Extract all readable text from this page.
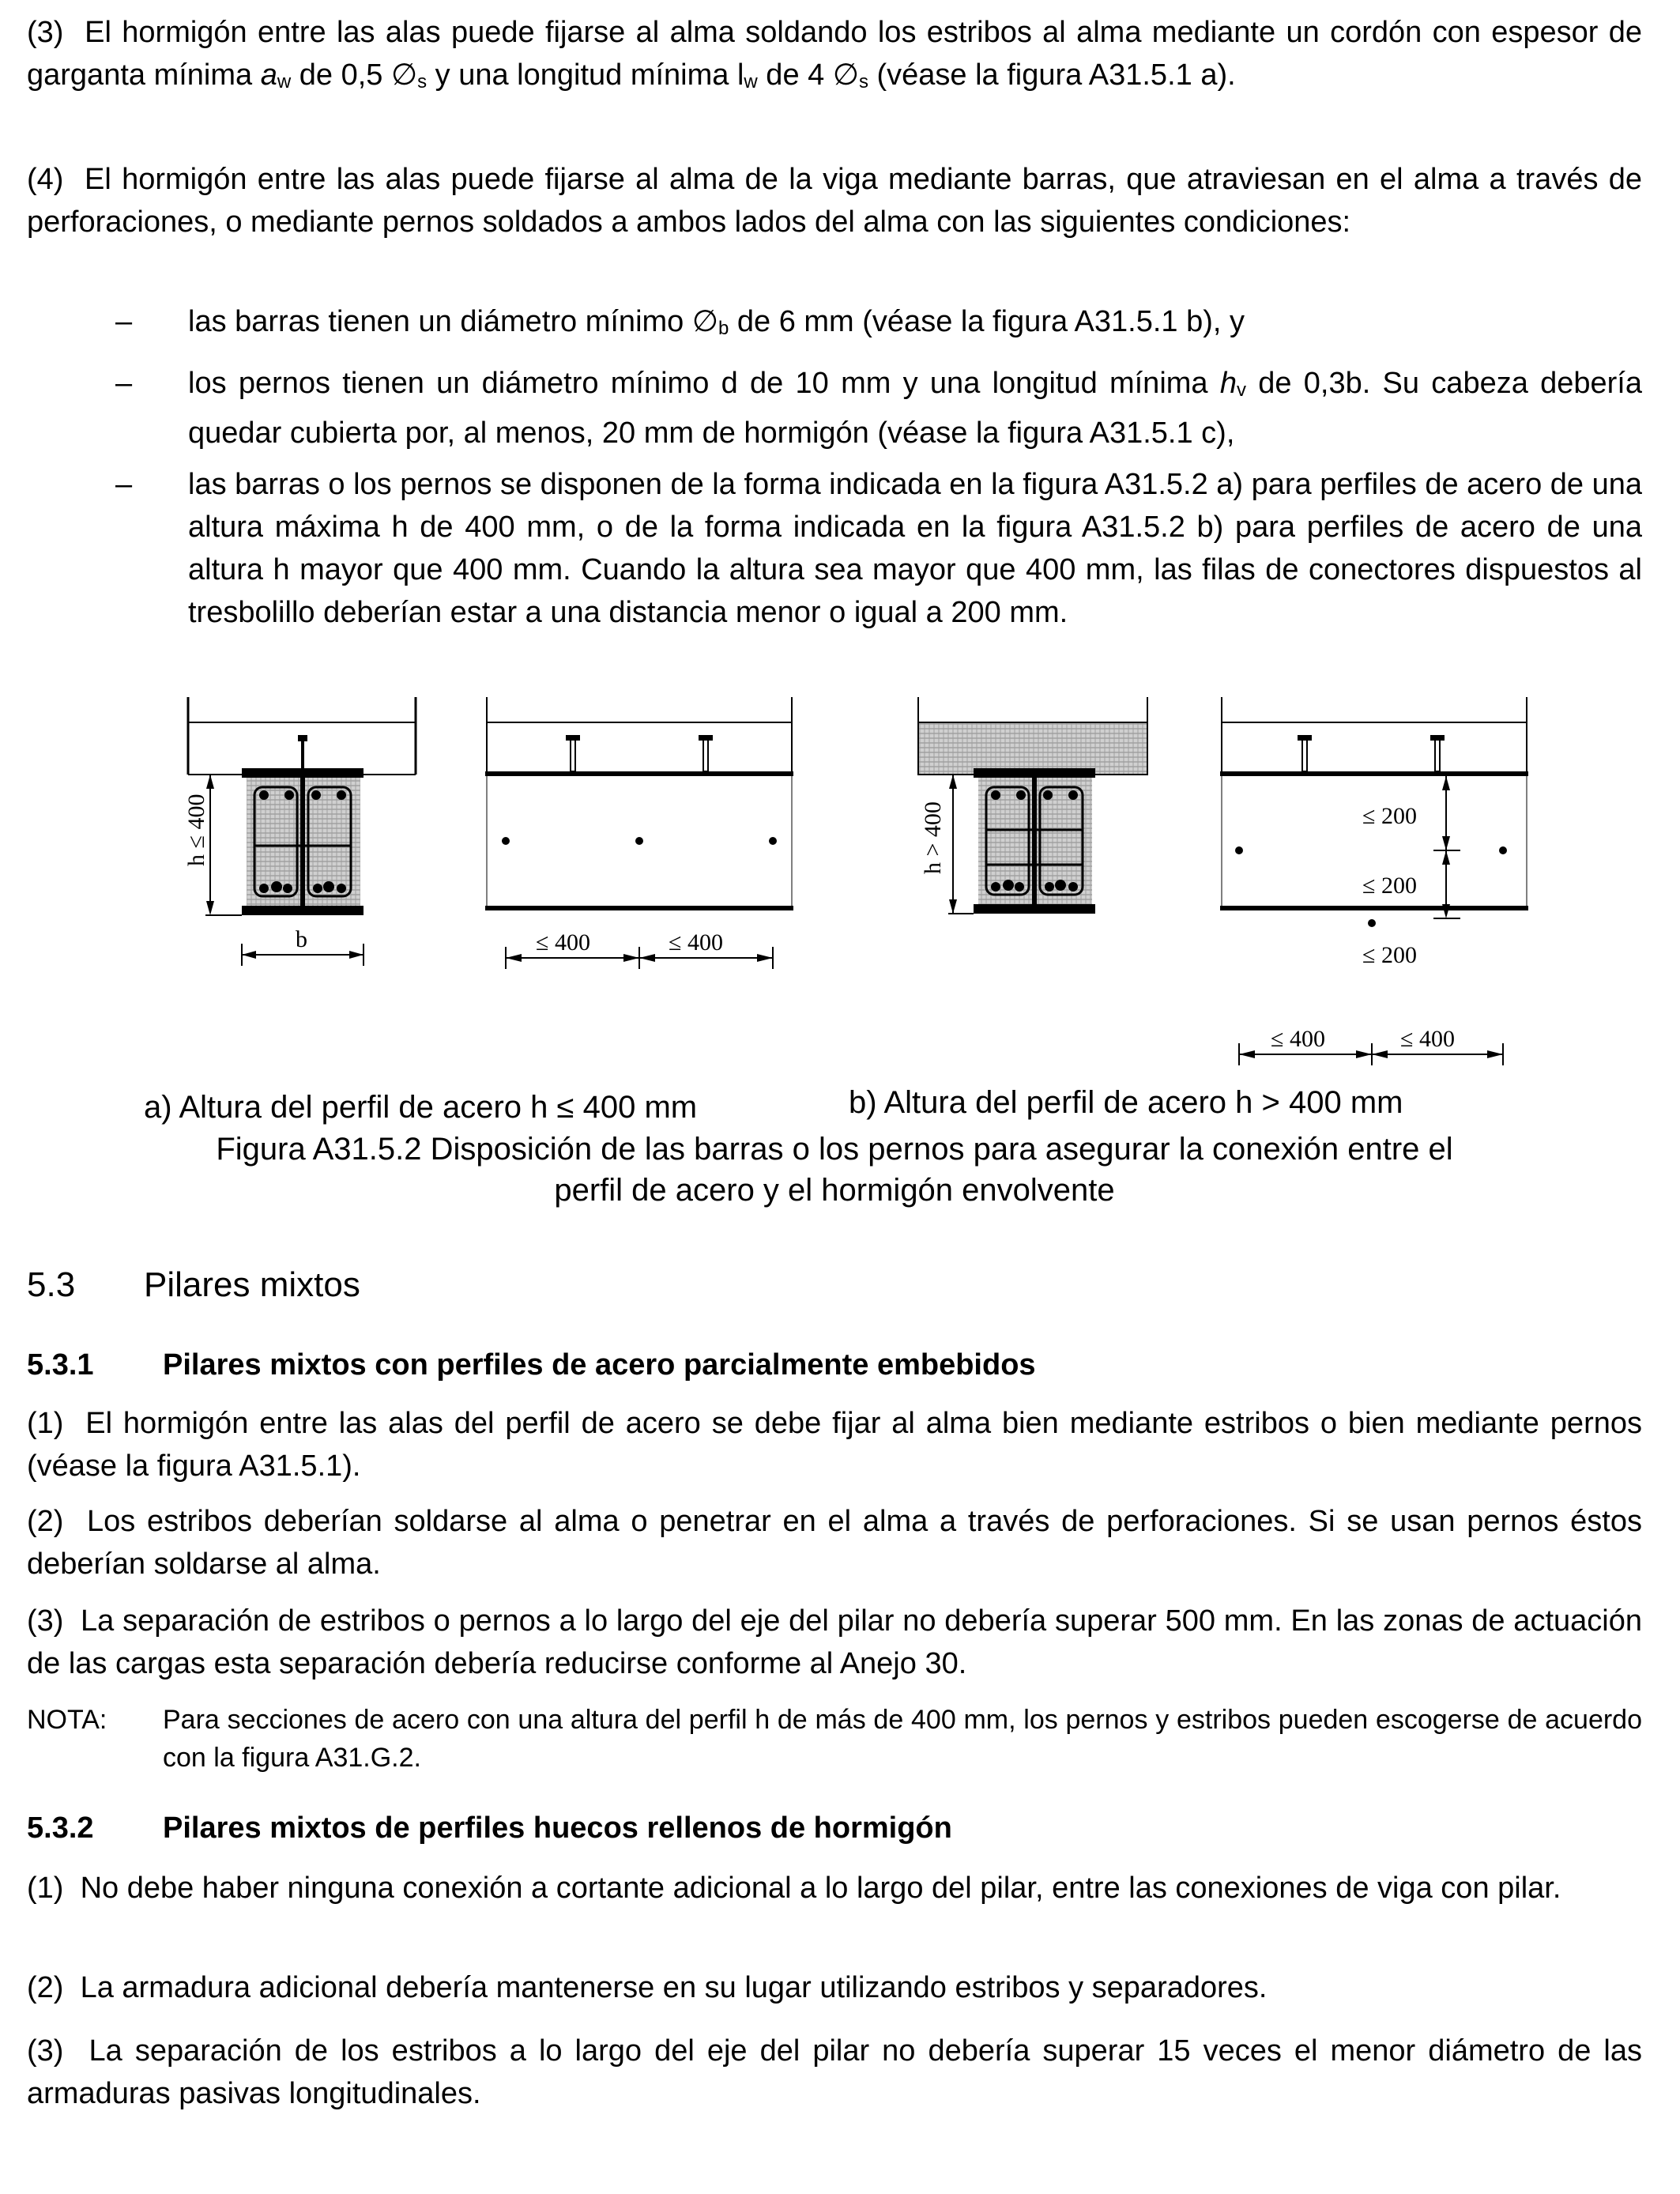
(3) El hormigón entre las alas puede fijarse al alma soldando los estribos al alma mediante un cordón con espesor de garganta mínima $a_w$ de 0,5 $\emptyset_s$ y una longitud mínima $l_w$ de 4 $\emptyset_s$ (véase la figura A31.5.1 a).

(4) El hormigón entre las alas puede fijarse al alma de la viga mediante barras, que atraviesan en el alma a través de perforaciones, o mediante pernos soldados a ambos lados del alma con las siguientes condiciones:

–	las barras tienen un diámetro mínimo $\emptyset_b$ de 6 mm (véase la figura A31.5.1 b), y
–	los pernos tienen un diámetro mínimo d de 10 mm y una longitud mínima $h_v$ de 0,3b. Su cabeza debería quedar cubierta por, al menos, 20 mm de hormigón (véase la figura A31.5.1 c),
–	las barras o los pernos se disponen de la forma indicada en la figura A31.5.2 a) para perfiles de acero de una altura máxima h de 400 mm, o de la forma indicada en la figura A31.5.2 b) para perfiles de acero de una altura h mayor que 400 mm. Cuando la altura sea mayor que 400 mm, las filas de conectores dispuestos al tresbolillo deberían estar a una distancia menor o igual a 200 mm.
h ≤ 400
b	≤ 400	≤ 400
h > 400	≤ 200
≤ 200
≤ 200
≤ 400	≤ 400
a) Altura del perfil de acero h ≤ 400 mm	b) Altura del perfil de acero h > 400 mm
Figura A31.5.2 Disposición de las barras o los pernos para asegurar la conexión entre el
perfil de acero y el hormigón envolvente
5.3 Pilares mixtos
5.3.1 Pilares mixtos con perfiles de acero parcialmente embebidos

(1) El hormigón entre las alas del perfil de acero se debe fijar al alma bien mediante estribos o bien mediante pernos (véase la figura A31.5.1).

(2) Los estribos deberían soldarse al alma o penetrar en el alma a través de perforaciones. Si se usan pernos éstos deberían soldarse al alma.

(3) La separación de estribos o pernos a lo largo del eje del pilar no debería superar 500 mm. En las zonas de actuación de las cargas esta separación debería reducirse conforme al Anejo 30.

NOTA: Para secciones de acero con una altura del perfil h de más de 400 mm, los pernos y estribos pueden escogerse de acuerdo con la figura A31.G.2.
5.3.2 Pilares mixtos de perfiles huecos rellenos de hormigón

(1) No debe haber ninguna conexión a cortante adicional a lo largo del pilar, entre las conexiones de viga con pilar.

(2) La armadura adicional debería mantenerse en su lugar utilizando estribos y separadores.

(3) La separación de los estribos a lo largo del eje del pilar no debería superar 15 veces el menor diámetro de las armaduras pasivas longitudinales.
